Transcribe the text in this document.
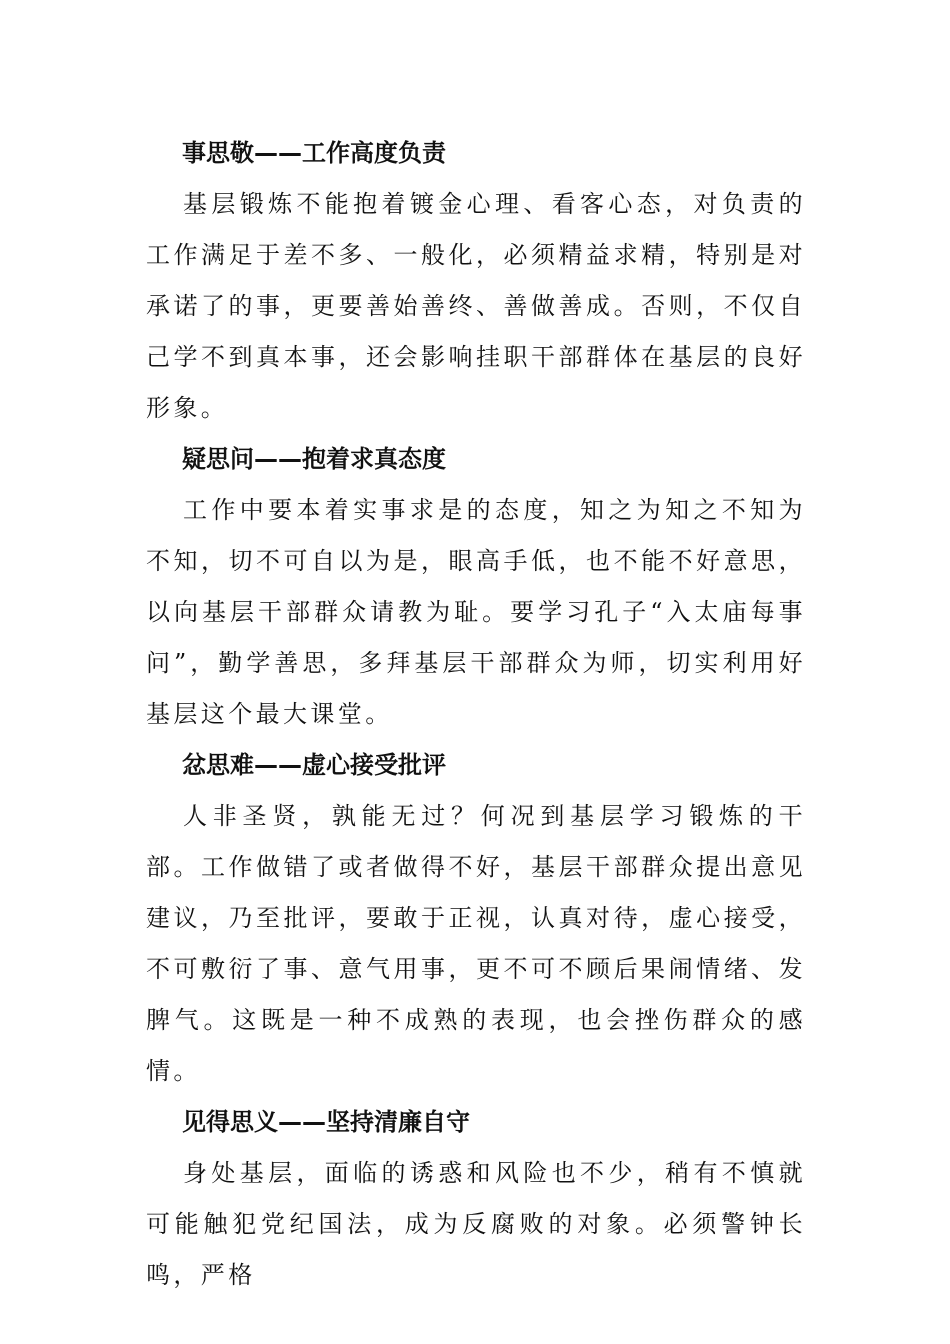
事思敬——工作高度负责

基层锻炼不能抱着镀金心理、看客心态，对负责的工作满足于差不多、一般化，必须精益求精，特别是对承诺了的事，更要善始善终、善做善成。否则，不仅自己学不到真本事，还会影响挂职干部群体在基层的良好形象。

疑思问——抱着求真态度

工作中要本着实事求是的态度，知之为知之不知为不知，切不可自以为是，眼高手低，也不能不好意思，以向基层干部群众请教为耻。要学习孔子“入太庙每事问”，勤学善思，多拜基层干部群众为师，切实利用好基层这个最大课堂。

忿思难——虚心接受批评

人非圣贤，孰能无过？何况到基层学习锻炼的干部。工作做错了或者做得不好，基层干部群众提出意见建议，乃至批评，要敢于正视，认真对待，虚心接受，不可敷衍了事、意气用事，更不可不顾后果闹情绪、发脾气。这既是一种不成熟的表现，也会挫伤群众的感情。

见得思义——坚持清廉自守

身处基层，面临的诱惑和风险也不少，稍有不慎就可能触犯党纪国法，成为反腐败的对象。必须警钟长鸣，严格
